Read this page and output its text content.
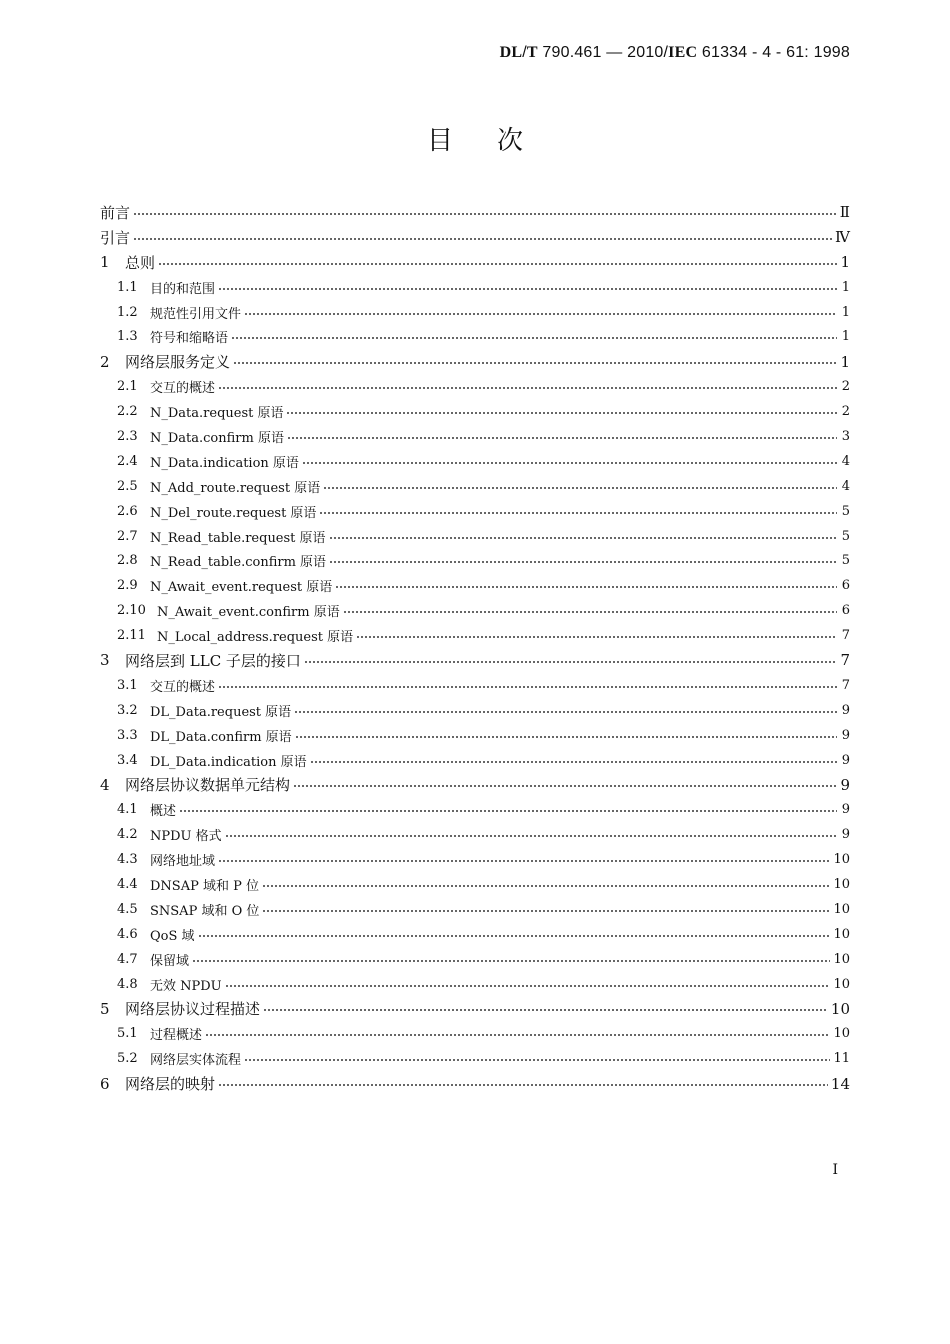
DL/T 790.461 — 2010/IEC 61334 - 4 - 61: 1998
目次
前言	Ⅱ
引言	Ⅳ
1	总则	1
1.1 目的和范围	1
1.2 规范性引用文件	1
1.3 符号和缩略语	1
2	网络层服务定义	1
2.1 交互的概述	2
2.2 N_Data.request 原语	2
2.3 N_Data.confirm 原语	3
2.4 N_Data.indication 原语	4
2.5 N_Add_route.request 原语	4
2.6 N_Del_route.request 原语	5
2.7 N_Read_table.request 原语	5
2.8 N_Read_table.confirm 原语	5
2.9 N_Await_event.request 原语	6
2.10 N_Await_event.confirm 原语	6
2.11 N_Local_address.request 原语	7
3	网络层到 LLC 子层的接口	7
3.1 交互的概述	7
3.2 DL_Data.request 原语	9
3.3 DL_Data.confirm 原语	9
3.4 DL_Data.indication 原语	9
4	网络层协议数据单元结构	9
4.1 概述	9
4.2 NPDU 格式	9
4.3 网络地址域	10
4.4 DNSAP 域和 P 位	10
4.5 SNSAP 域和 O 位	10
4.6 QoS 域	10
4.7 保留域	10
4.8 无效 NPDU	10
5	网络层协议过程描述	10
5.1 过程概述	10
5.2 网络层实体流程	11
6	网络层的映射	14
I
